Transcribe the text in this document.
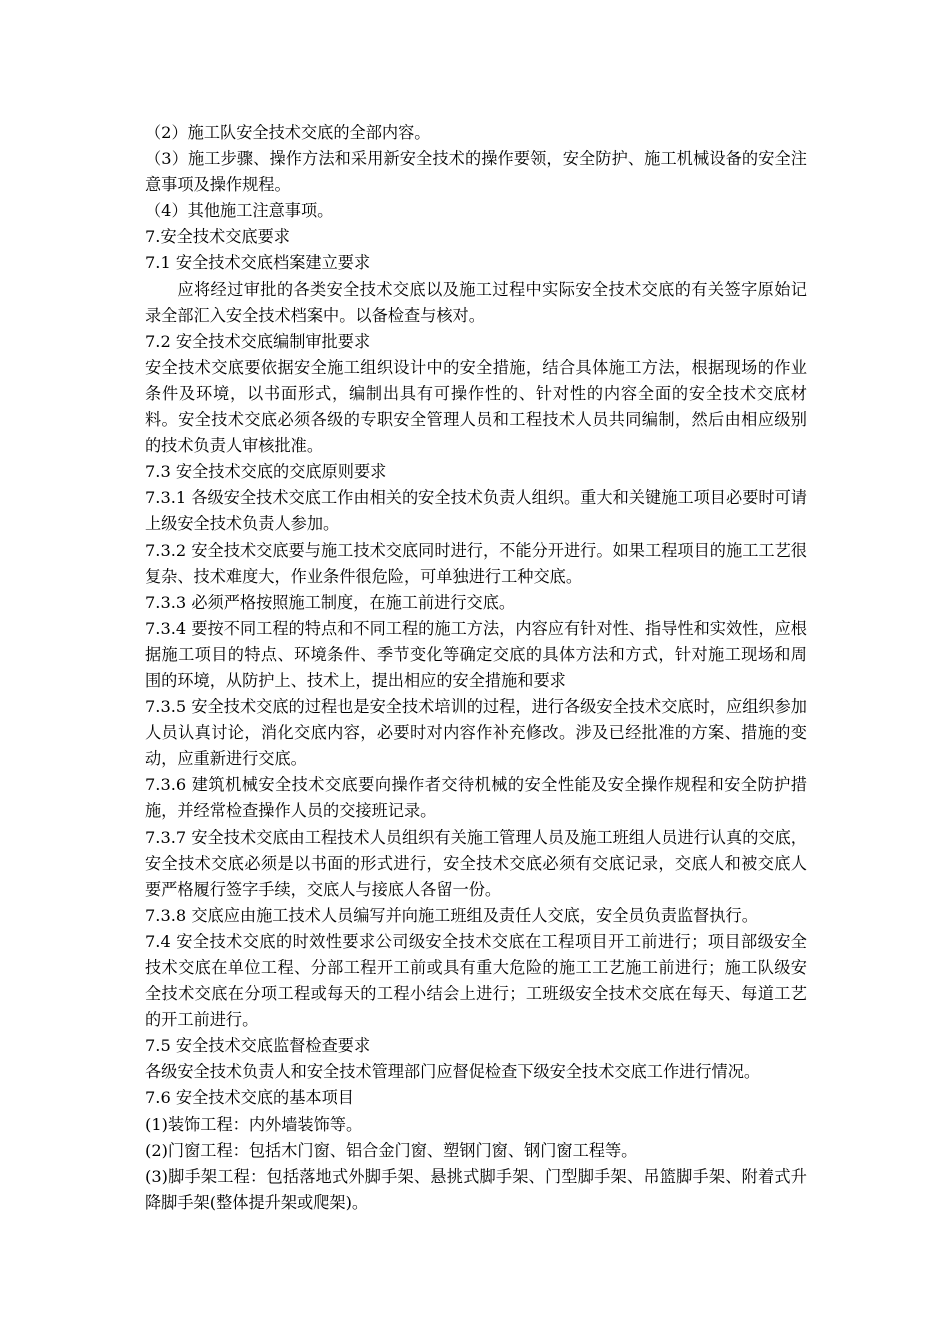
（2）施工队安全技术交底的全部内容。

（3）施工步骤、操作方法和采用新安全技术的操作要领，安全防护、施工机械设备的安全注意事项及操作规程。

（4）其他施工注意事项。

7.安全技术交底要求

7.1 安全技术交底档案建立要求

应将经过审批的各类安全技术交底以及施工过程中实际安全技术交底的有关签字原始记录全部汇入安全技术档案中。以备检查与核对。

7.2 安全技术交底编制审批要求

安全技术交底要依据安全施工组织设计中的安全措施，结合具体施工方法，根据现场的作业条件及环境，以书面形式，编制出具有可操作性的、针对性的内容全面的安全技术交底材料。安全技术交底必须各级的专职安全管理人员和工程技术人员共同编制，然后由相应级别的技术负责人审核批准。

7.3 安全技术交底的交底原则要求

7.3.1 各级安全技术交底工作由相关的安全技术负责人组织。重大和关键施工项目必要时可请上级安全技术负责人参加。

7.3.2 安全技术交底要与施工技术交底同时进行，不能分开进行。如果工程项目的施工工艺很复杂、技术难度大，作业条件很危险，可单独进行工种交底。

7.3.3 必须严格按照施工制度，在施工前进行交底。

7.3.4 要按不同工程的特点和不同工程的施工方法，内容应有针对性、指导性和实效性，应根据施工项目的特点、环境条件、季节变化等确定交底的具体方法和方式，针对施工现场和周围的环境，从防护上、技术上，提出相应的安全措施和要求

7.3.5 安全技术交底的过程也是安全技术培训的过程，进行各级安全技术交底时，应组织参加人员认真讨论，消化交底内容，必要时对内容作补充修改。涉及已经批准的方案、措施的变动，应重新进行交底。

7.3.6 建筑机械安全技术交底要向操作者交待机械的安全性能及安全操作规程和安全防护措施，并经常检查操作人员的交接班记录。

7.3.7 安全技术交底由工程技术人员组织有关施工管理人员及施工班组人员进行认真的交底，安全技术交底必须是以书面的形式进行，安全技术交底必须有交底记录，交底人和被交底人要严格履行签字手续，交底人与接底人各留一份。

7.3.8 交底应由施工技术人员编写并向施工班组及责任人交底，安全员负责监督执行。

7.4 安全技术交底的时效性要求公司级安全技术交底在工程项目开工前进行；项目部级安全技术交底在单位工程、分部工程开工前或具有重大危险的施工工艺施工前进行；施工队级安全技术交底在分项工程或每天的工程小结会上进行；工班级安全技术交底在每天、每道工艺的开工前进行。

7.5 安全技术交底监督检查要求

各级安全技术负责人和安全技术管理部门应督促检查下级安全技术交底工作进行情况。

7.6 安全技术交底的基本项目

(1)装饰工程：内外墙装饰等。

(2)门窗工程：包括木门窗、铝合金门窗、塑钢门窗、钢门窗工程等。

(3)脚手架工程：包括落地式外脚手架、悬挑式脚手架、门型脚手架、吊篮脚手架、附着式升降脚手架(整体提升架或爬架)。
